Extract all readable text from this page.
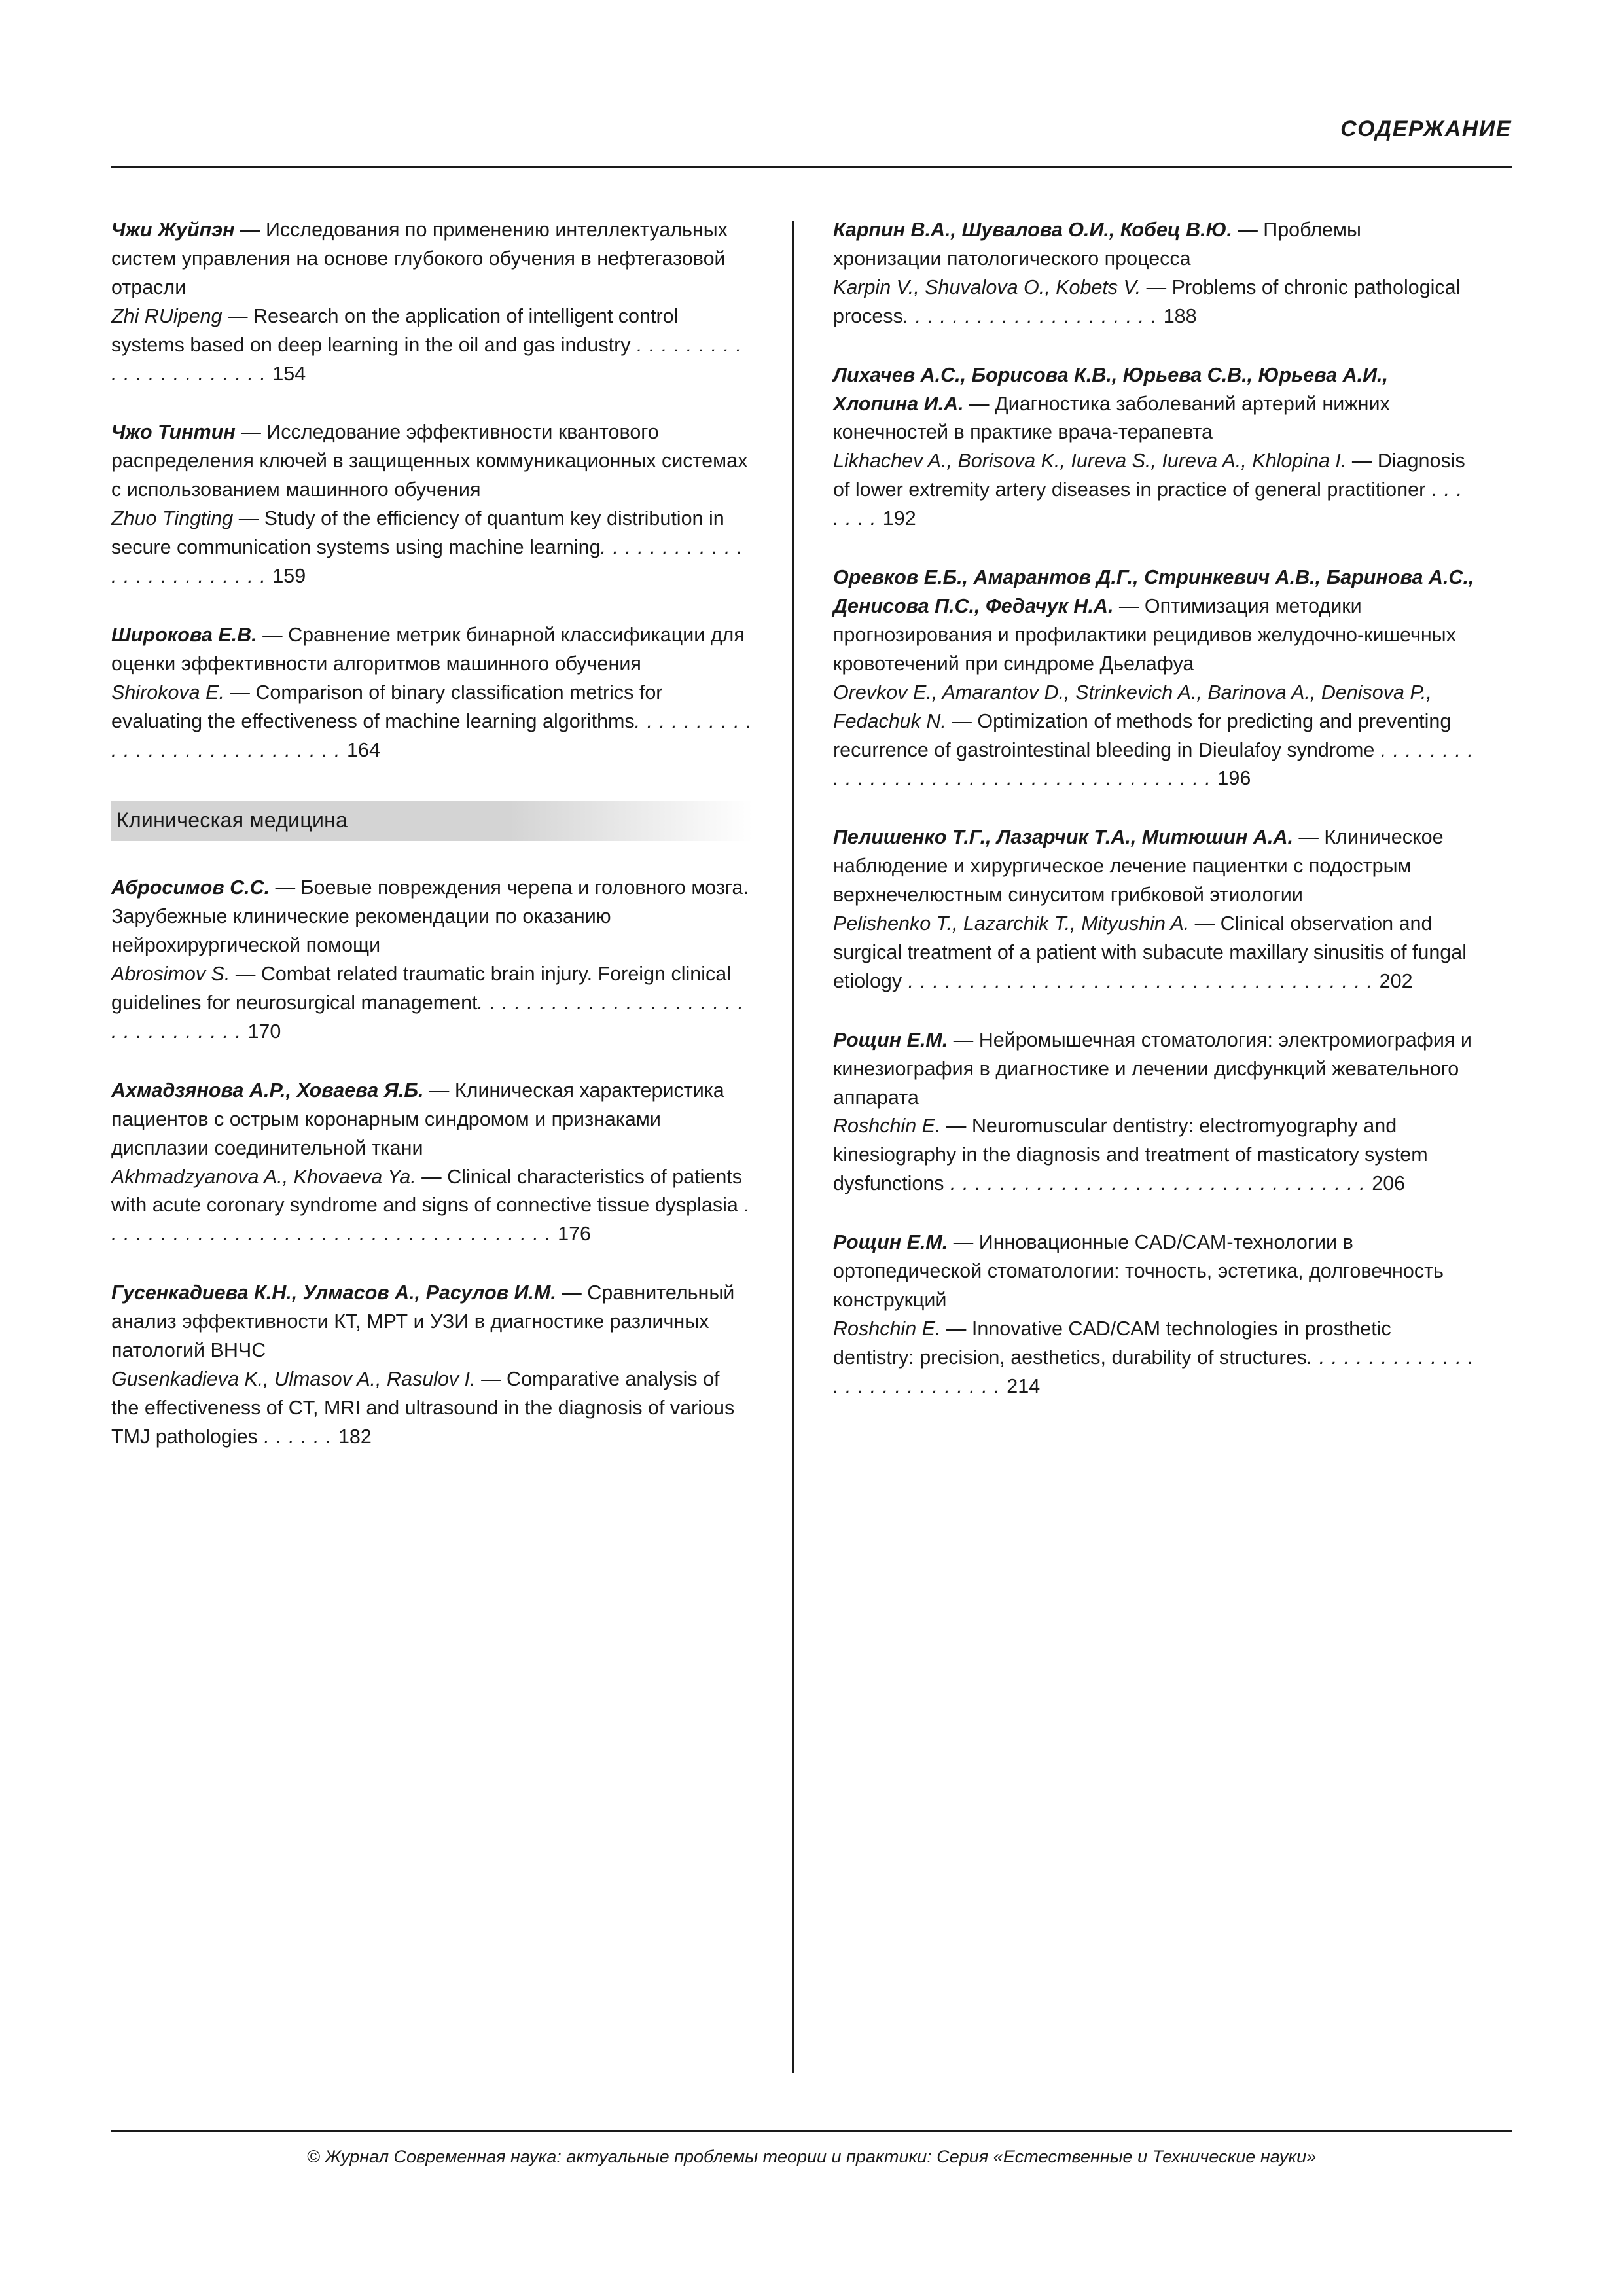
СОДЕРЖАНИЕ

Чжи Жуйпэн — Исследования по применению интеллектуальных систем управления на основе глубокого обучения в нефтегазовой отрасли

Zhi RUipeng — Research on the application of intelligent control systems based on deep learning in the oil and gas industry . . . . . . . . . . . . . . . . . . . . . . 154

Чжо Тинтин — Исследование эффективности квантового распределения ключей в защищенных коммуникационных системах с использованием машинного обучения

Zhuo Tingting — Study of the efficiency of quantum key distribution in secure communication systems using machine learning. . . . . . . . . . . . . . . . . . . . . . . . . 159

Широкова Е.В. — Сравнение метрик бинарной классификации для оценки эффективности алгоритмов машинного обучения

Shirokova E. — Comparison of binary classification metrics for evaluating the effectiveness of machine learning algorithms. . . . . . . . . . . . . . . . . . . . . . . . . . . . . 164

Клиническая медицина

Абросимов С.С. — Боевые повреждения черепа и головного мозга. Зарубежные клинические рекомендации по оказанию нейрохирургической помощи

Abrosimov S. — Combat related traumatic brain injury. Foreign clinical guidelines for neurosurgical management. . . . . . . . . . . . . . . . . . . . . . . . . . . . . . . . . 170

Ахмадзянова А.Р., Ховаева Я.Б. — Клиническая характеристика пациентов с острым коронарным синдромом и признаками дисплазии соединительной ткани

Akhmadzyanova A., Khovaeva Ya. — Clinical characteristics of patients with acute coronary syndrome and signs of connective tissue dysplasia . . . . . . . . . . . . . . . . . . . . . . . . . . . . . . . . . . . . . 176

Гусенкадиева К.Н., Улмасов А., Расулов И.М. — Сравнительный анализ эффективности КТ, МРТ и УЗИ в диагностике различных патологий ВНЧС

Gusenkadieva K., Ulmasov A., Rasulov I. — Comparative analysis of the effectiveness of CT, MRI and ultrasound in the diagnosis of various TMJ pathologies . . . . . . 182

Карпин В.А., Шувалова О.И., Кобец В.Ю. — Проблемы хронизации патологического процесса

Karpin V., Shuvalova O., Kobets V. — Problems of chronic pathological process. . . . . . . . . . . . . . . . . . . . . 188

Лихачев А.С., Борисова К.В., Юрьева С.В., Юрьева А.И., Хлопина И.А. — Диагностика заболеваний артерий нижних конечностей в практике врача-терапевта

Likhachev A., Borisova K., Iureva S., Iureva A., Khlopina I. — Diagnosis of lower extremity artery diseases in practice of general practitioner . . . . . . . 192

Оревков Е.Б., Амарантов Д.Г., Стринкевич А.В., Баринова А.С., Денисова П.С., Федачук Н.А. — Оптимизация методики прогнозирования и профилактики рецидивов желудочно-кишечных кровотечений при синдроме Дьелафуа

Orevkov E., Amarantov D., Strinkevich A., Barinova A., Denisova P., Fedachuk N. — Optimization of methods for predicting and preventing recurrence of gastrointestinal bleeding in Dieulafoy syndrome . . . . . . . . . . . . . . . . . . . . . . . . . . . . . . . . . . . . . . . 196

Пелишенко Т.Г., Лазарчик Т.А., Митюшин А.А. — Клиническое наблюдение и хирургическое лечение пациентки с подострым верхнечелюстным синуситом грибковой этиологии

Pelishenko T., Lazarchik T., Mityushin A. — Clinical observation and surgical treatment of a patient with subacute maxillary sinusitis of fungal etiology . . . . . . . . . . . . . . . . . . . . . . . . . . . . . . . . . . . . . . 202

Рощин Е.М. — Нейромышечная стоматология: электромиография и кинезиография в диагностике и лечении дисфункций жевательного аппарата

Roshchin E. — Neuromuscular dentistry: electromyography and kinesiography in the diagnosis and treatment of masticatory system dysfunctions . . . . . . . . . . . . . . . . . . . . . . . . . . . . . . . . . . 206

Рощин Е.М. — Инновационные CAD/CAM-технологии в ортопедической стоматологии: точность, эстетика, долговечность конструкций

Roshchin E. — Innovative CAD/CAM technologies in prosthetic dentistry: precision, aesthetics, durability of structures. . . . . . . . . . . . . . . . . . . . . . . . . . . . 214

© Журнал Современная наука: актуальные проблемы теории и практики: Серия «Естественные и Технические науки»
